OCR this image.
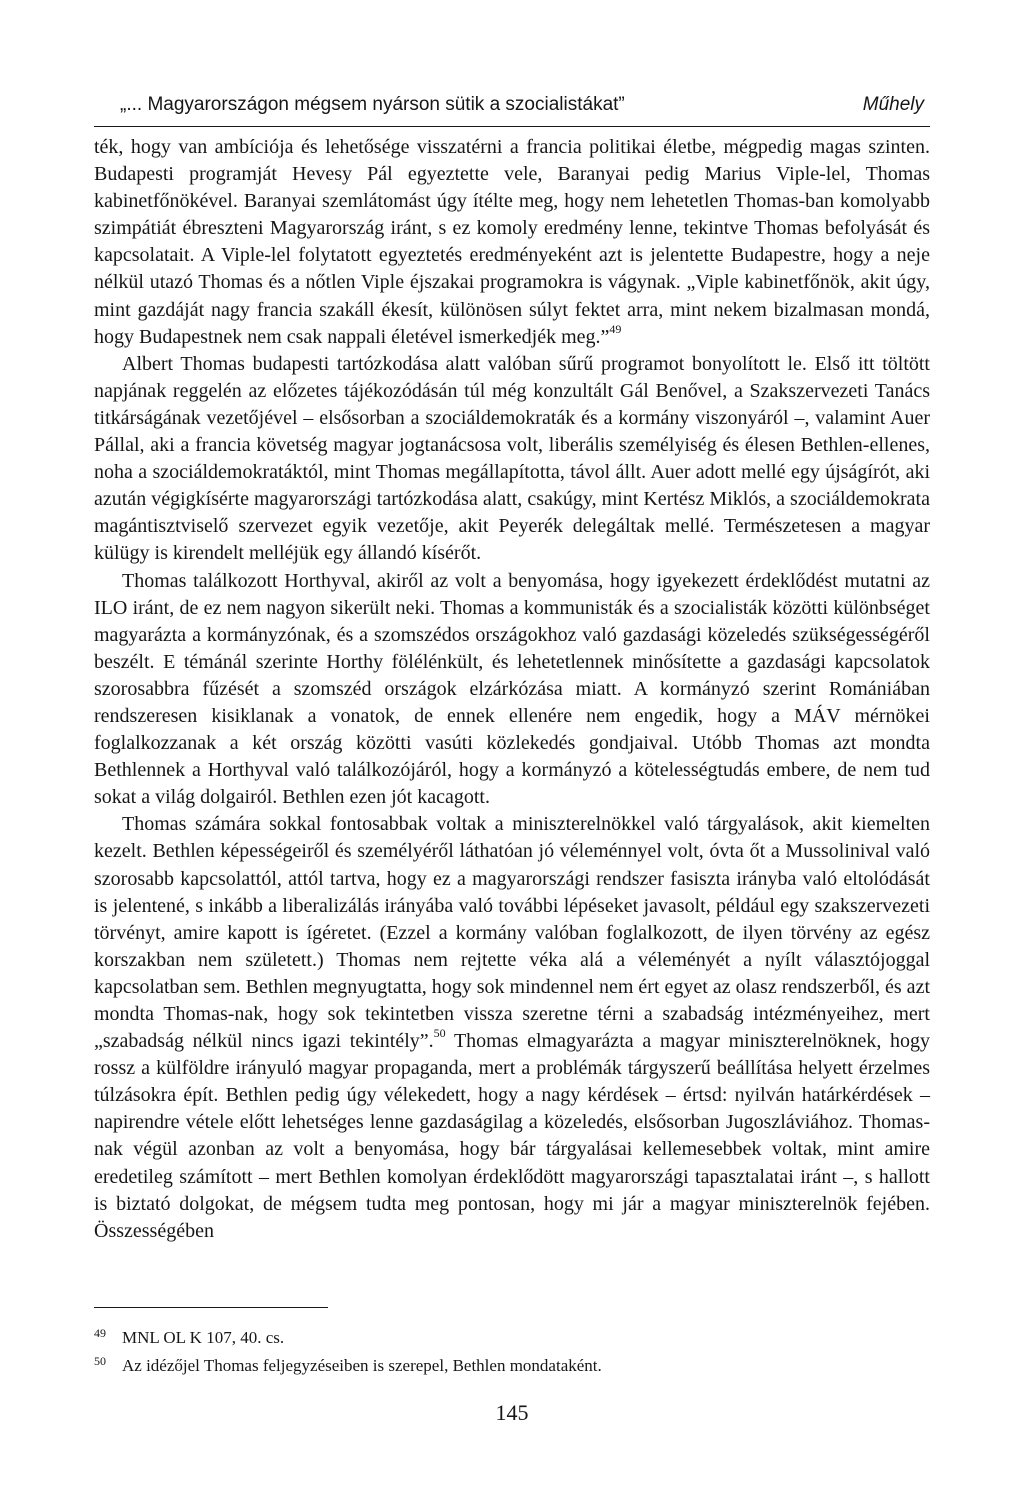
„... Magyarországon mégsem nyárson sütik a szocialistákat”	Műhely

ték, hogy van ambíciója és lehetősége visszatérni a francia politikai életbe, mégpedig magas szinten. Budapesti programját Hevesy Pál egyeztette vele, Baranyai pedig Marius Viple-lel, Thomas kabinetfőnökével. Baranyai szemlátomást úgy ítélte meg, hogy nem lehetetlen Thomas-ban komolyabb szimpátiát ébreszteni Magyarország iránt, s ez komoly eredmény lenne, tekintve Thomas befolyását és kapcsolatait. A Viple-lel folytatott egyeztetés eredményeként azt is jelentette Budapestre, hogy a neje nélkül utazó Thomas és a nőtlen Viple éjszakai programokra is vágynak. „Viple kabinetfőnök, akit úgy, mint gazdáját nagy francia szakáll ékesít, különösen súlyt fektet arra, mint nekem bizalmasan mondá, hogy Budapestnek nem csak nappali életével ismerkedjék meg.”$^{49}$

Albert Thomas budapesti tartózkodása alatt valóban sűrű programot bonyolított le. Első itt töltött napjának reggelén az előzetes tájékozódásán túl még konzultált Gál Benővel, a Szakszervezeti Tanács titkárságának vezetőjével – elsősorban a szociáldemokraták és a kormány viszonyáról –, valamint Auer Pállal, aki a francia követség magyar jogtanácsosa volt, liberális személyiség és élesen Bethlen-ellenes, noha a szociáldemokratáktól, mint Thomas megállapította, távol állt. Auer adott mellé egy újságírót, aki azután végigkísérte magyarországi tartózkodása alatt, csakúgy, mint Kertész Miklós, a szociáldemokrata magántisztviselő szervezet egyik vezetője, akit Peyerék delegáltak mellé. Természetesen a magyar külügy is kirendelt melléjük egy állandó kísérőt.

Thomas találkozott Horthyval, akiről az volt a benyomása, hogy igyekezett érdeklődést mutatni az ILO iránt, de ez nem nagyon sikerült neki. Thomas a kommunisták és a szocialisták közötti különbséget magyarázta a kormányzónak, és a szomszédos országokhoz való gazdasági közeledés szükségességéről beszélt. E témánál szerinte Horthy fölélénkült, és lehetetlennek minősítette a gazdasági kapcsolatok szorosabbra fűzését a szomszéd országok elzárkózása miatt. A kormányzó szerint Romániában rendszeresen kisiklanak a vonatok, de ennek ellenére nem engedik, hogy a MÁV mérnökei foglalkozzanak a két ország közötti vasúti közlekedés gondjaival. Utóbb Thomas azt mondta Bethlennek a Horthyval való találkozójáról, hogy a kormányzó a kötelességtudás embere, de nem tud sokat a világ dolgairól. Bethlen ezen jót kacagott.

Thomas számára sokkal fontosabbak voltak a miniszterelnökkel való tárgyalások, akit kiemelten kezelt. Bethlen képességeiről és személyéről láthatóan jó véleménnyel volt, óvta őt a Mussolinival való szorosabb kapcsolattól, attól tartva, hogy ez a magyarországi rendszer fasiszta irányba való eltolódását is jelentené, s inkább a liberalizálás irányába való további lépéseket javasolt, például egy szakszervezeti törvényt, amire kapott is ígéretet. (Ezzel a kormány valóban foglalkozott, de ilyen törvény az egész korszakban nem született.) Thomas nem rejtette véka alá a véleményét a nyílt választójoggal kapcsolatban sem. Bethlen megnyugtatta, hogy sok mindennel nem ért egyet az olasz rendszerből, és azt mondta Thomas-nak, hogy sok tekintetben vissza szeretne térni a szabadság intézményeihez, mert „szabadság nélkül nincs igazi tekintély”.$^{50}$ Thomas elmagyarázta a magyar miniszterelnöknek, hogy rossz a külföldre irányuló magyar propaganda, mert a problémák tárgyszerű beállítása helyett érzelmes túlzásokra épít. Bethlen pedig úgy vélekedett, hogy a nagy kérdések – értsd: nyilván határkérdések – napirendre vétele előtt lehetséges lenne gazdaságilag a közeledés, elsősorban Jugoszláviához. Thomas-nak végül azonban az volt a benyomása, hogy bár tárgyalásai kellemesebbek voltak, mint amire eredetileg számított – mert Bethlen komolyan érdeklődött magyarországi tapasztalatai iránt –, s hallott is biztató dolgokat, de mégsem tudta meg pontosan, hogy mi jár a magyar miniszterelnök fejében. Összességében

49 MNL OL K 107, 40. cs.
50 Az idézőjel Thomas feljegyzéseiben is szerepel, Bethlen mondataként.
145
